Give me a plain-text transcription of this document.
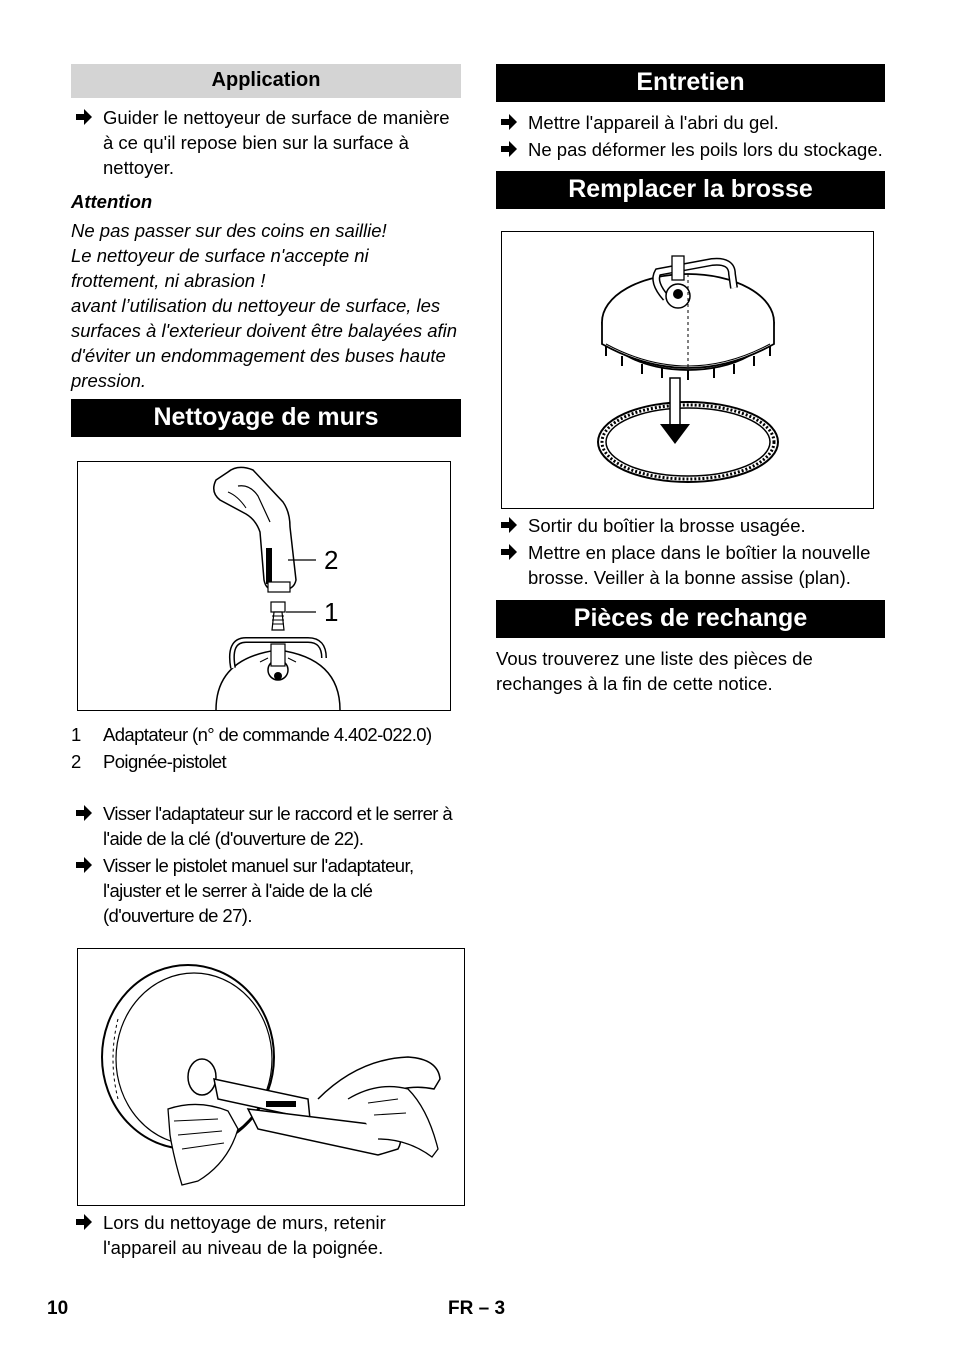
Application
Guider le nettoyeur de surface de manière à ce qu'il repose bien sur la surface à nettoyer.

Attention

Ne pas passer sur des coins en saillie!

Le nettoyeur de surface n'accepte ni frottement, ni abrasion !

avant l’utilisation du nettoyeur de surface, les surfaces à l'exterieur doivent être balayées afin d'éviter un endommagement des buses haute pression.

Nettoyage de murs
2
1
1	Adaptateur (n° de commande 4.402-022.0)
2	Poignée-pistolet
Visser l'adaptateur sur le raccord et le serrer à l'aide de la clé (d'ouverture de 22).
Visser le pistolet manuel sur l'adaptateur, l'ajuster et le serrer à l'aide de la clé (d'ouverture de 27).
Lors du nettoyage de murs, retenir l'appareil au niveau de la poignée.
Entretien
Mettre l'appareil à l'abri du gel.
Ne pas déformer les poils lors du stockage.
Remplacer la brosse
Sortir du boîtier la brosse usagée.
Mettre en place dans le boîtier la nouvelle brosse. Veiller à la bonne assise (plan).
Pièces de rechange

Vous trouverez une liste des pièces de rechanges à la fin de cette notice.

10	FR – 3
